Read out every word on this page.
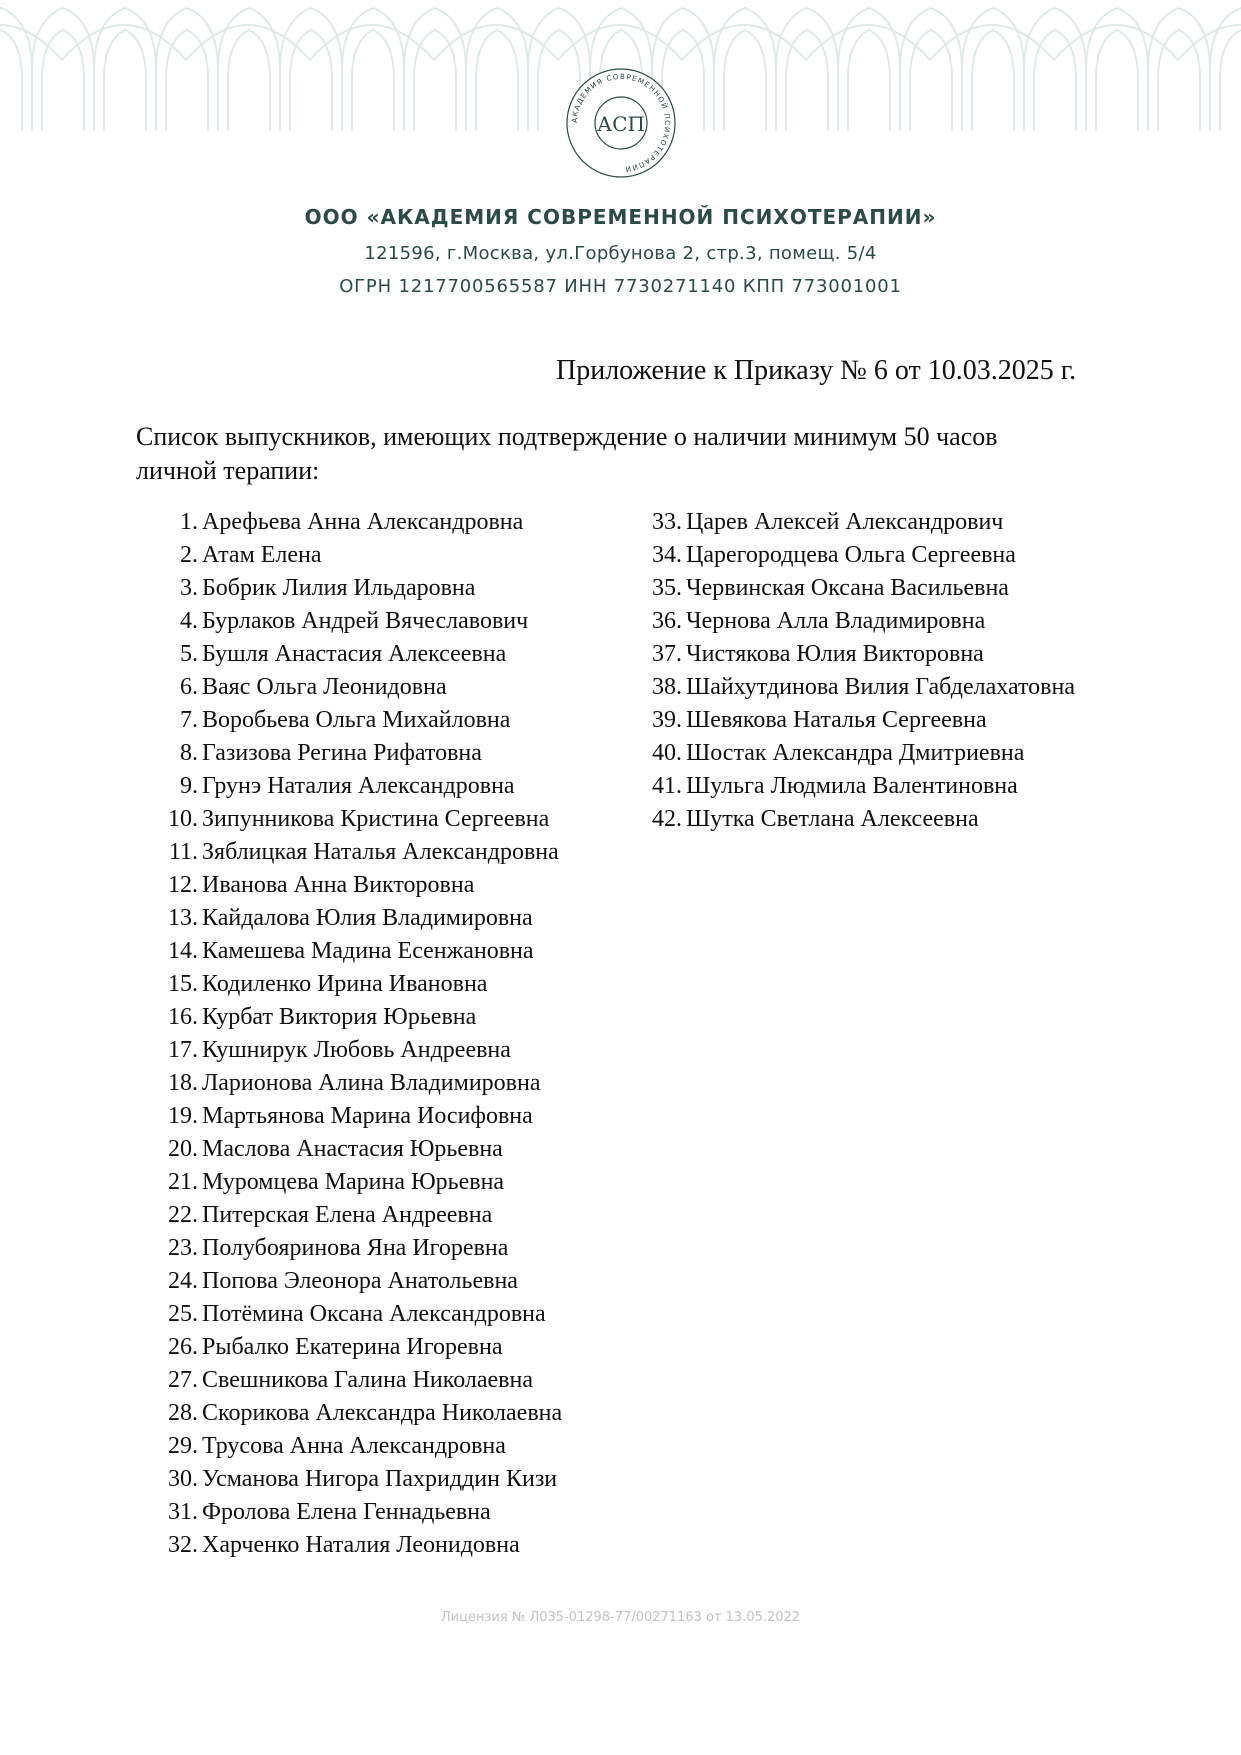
АКАДЕМИЯ СОВРЕМЕННОЙ ПСИХОТЕРАПИИ
АСП
ООО «АКАДЕМИЯ СОВРЕМЕННОЙ ПСИХОТЕРАПИИ»
121596, г.Москва, ул.Горбунова 2, стр.3, помещ. 5/4
ОГРН 1217700565587 ИНН 7730271140 КПП 773001001
Приложение к Приказу № 6 от 10.03.2025 г.
Список выпускников, имеющих подтверждение о наличии минимум 50 часов личной терапии:
1. Арефьева Анна Александровна
2. Атам Елена
3. Бобрик Лилия Ильдаровна
4. Бурлаков Андрей Вячеславович
5. Бушля Анастасия Алексеевна
6. Ваяс Ольга Леонидовна
7. Воробьева Ольга Михайловна
8. Газизова Регина Рифатовна
9. Грунэ Наталия Александровна
10. Зипунникова Кристина Сергеевна
11. Зяблицкая Наталья Александровна
12. Иванова Анна Викторовна
13. Кайдалова Юлия Владимировна
14. Камешева Мадина Есенжановна
15. Кодиленко Ирина Ивановна
16. Курбат Виктория Юрьевна
17. Кушнирук Любовь Андреевна
18. Ларионова Алина Владимировна
19. Мартьянова Марина Иосифовна
20. Маслова Анастасия Юрьевна
21. Муромцева Марина Юрьевна
22. Питерская Елена Андреевна
23. Полубояринова Яна Игоревна
24. Попова Элеонора Анатольевна
25. Потёмина Оксана Александровна
26. Рыбалко Екатерина Игоревна
27. Свешникова Галина Николаевна
28. Скорикова Александра Николаевна
29. Трусова Анна Александровна
30. Усманова Нигора Пахриддин Кизи
31. Фролова Елена Геннадьевна
32. Харченко Наталия Леонидовна
33. Царев Алексей Александрович
34. Царегородцева Ольга Сергеевна
35. Червинская Оксана Васильевна
36. Чернова Алла Владимировна
37. Чистякова Юлия Викторовна
38. Шайхутдинова Вилия Габделахатовна
39. Шевякова Наталья Сергеевна
40. Шостак Александра Дмитриевна
41. Шульга Людмила Валентиновна
42. Шутка Светлана Алексеевна
Лицензия № Л035-01298-77/00271163 от 13.05.2022
